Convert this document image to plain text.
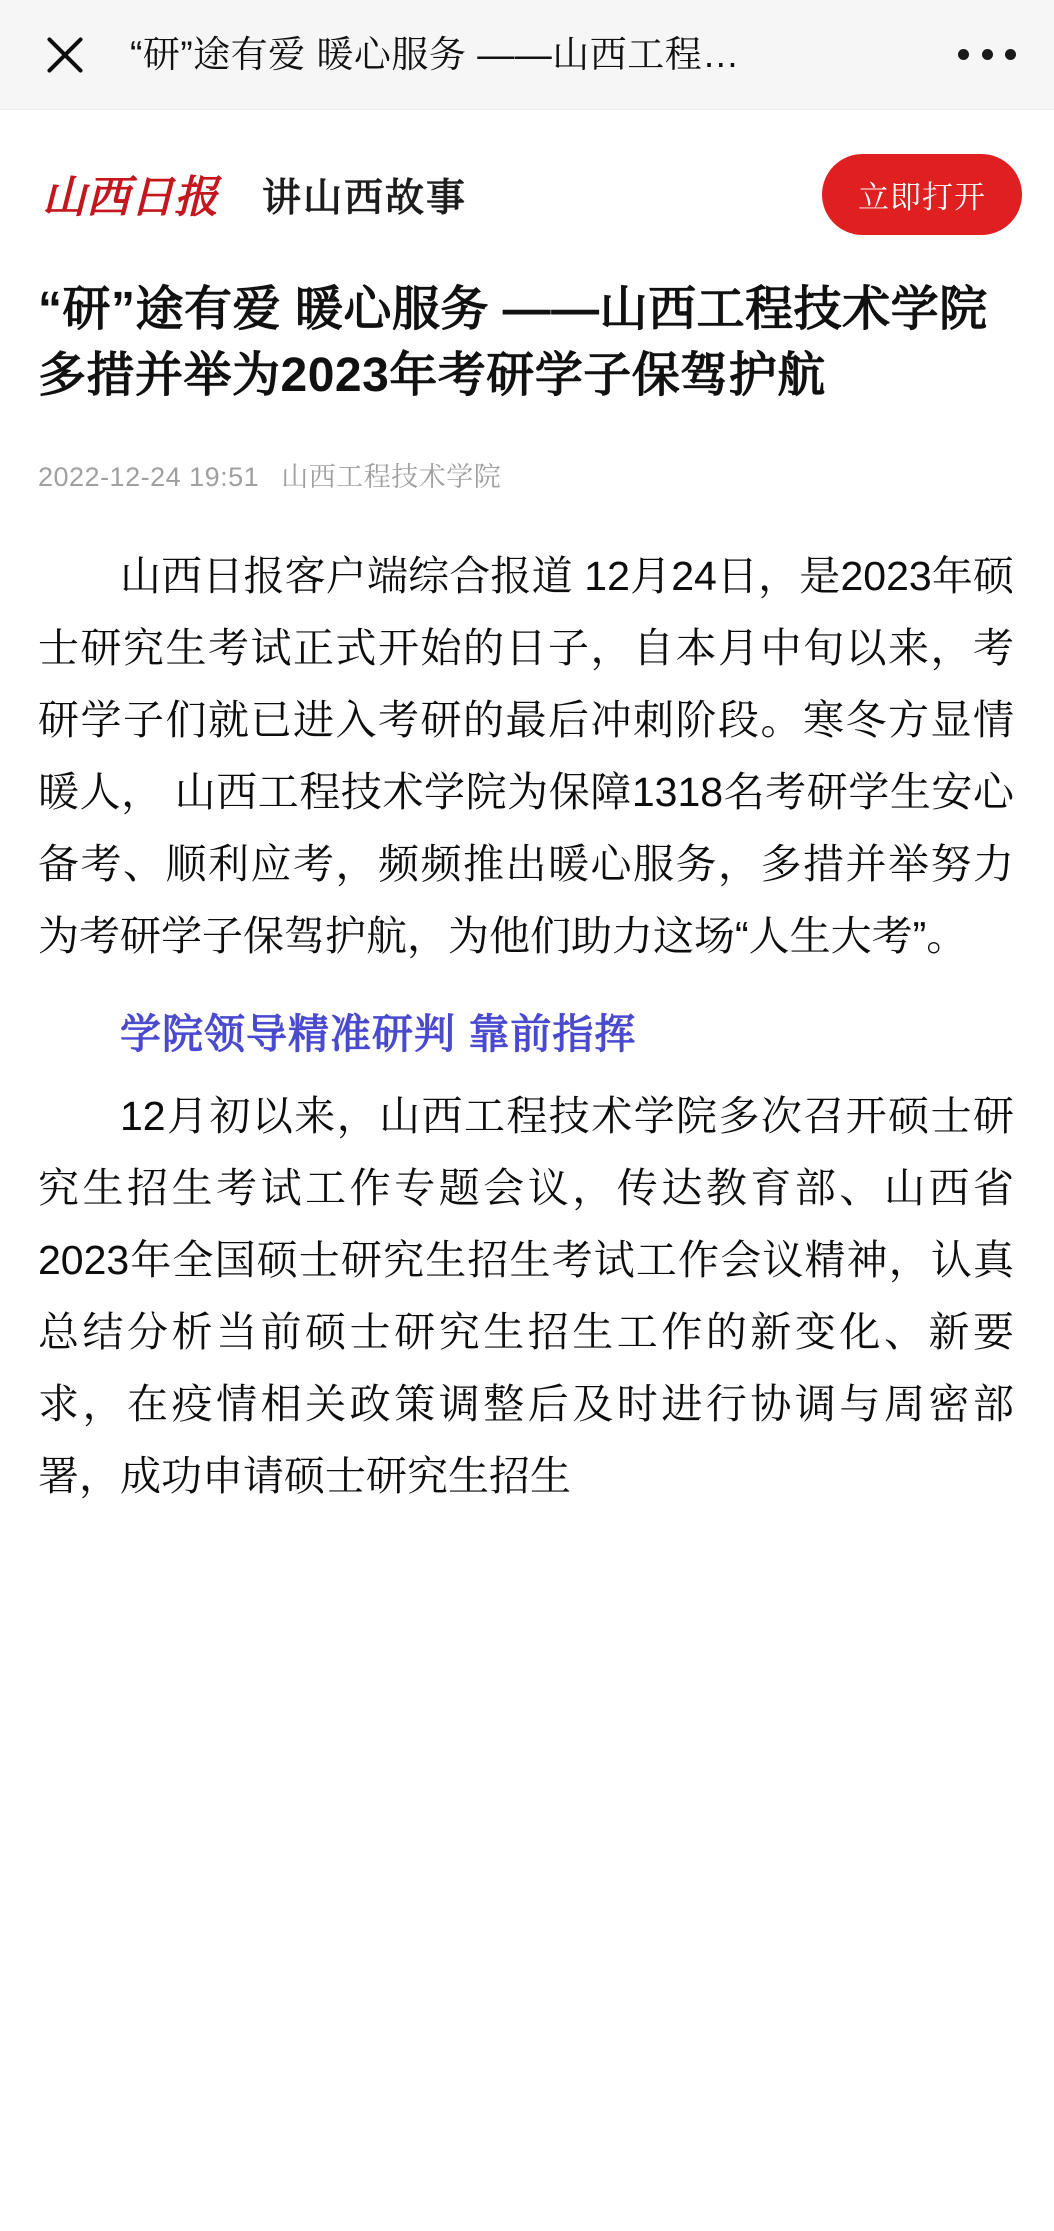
“研”途有爱 暖心服务 ——山西工程…
山西日报 讲山西故事	立即打开
“研”途有爱 暖心服务 ——山西工程技术学院多措并举为2023年考研学子保驾护航
2022-12-24 19:51 山西工程技术学院

山西日报客户端综合报道 12月24日，是2023年硕士研究生考试正式开始的日子，自本月中旬以来，考研学子们就已进入考研的最后冲刺阶段。寒冬方显情暖人， 山西工程技术学院为保障1318名考研学生安心备考、顺利应考，频频推出暖心服务，多措并举努力为考研学子保驾护航，为他们助力这场“人生大考”。

学院领导精准研判 靠前指挥

12月初以来，山西工程技术学院多次召开硕士研究生招生考试工作专题会议，传达教育部、山西省2023年全国硕士研究生招生考试工作会议精神，认真总结分析当前硕士研究生招生工作的新变化、新要求，在疫情相关政策调整后及时进行协调与周密部署，成功申请硕士研究生招生
